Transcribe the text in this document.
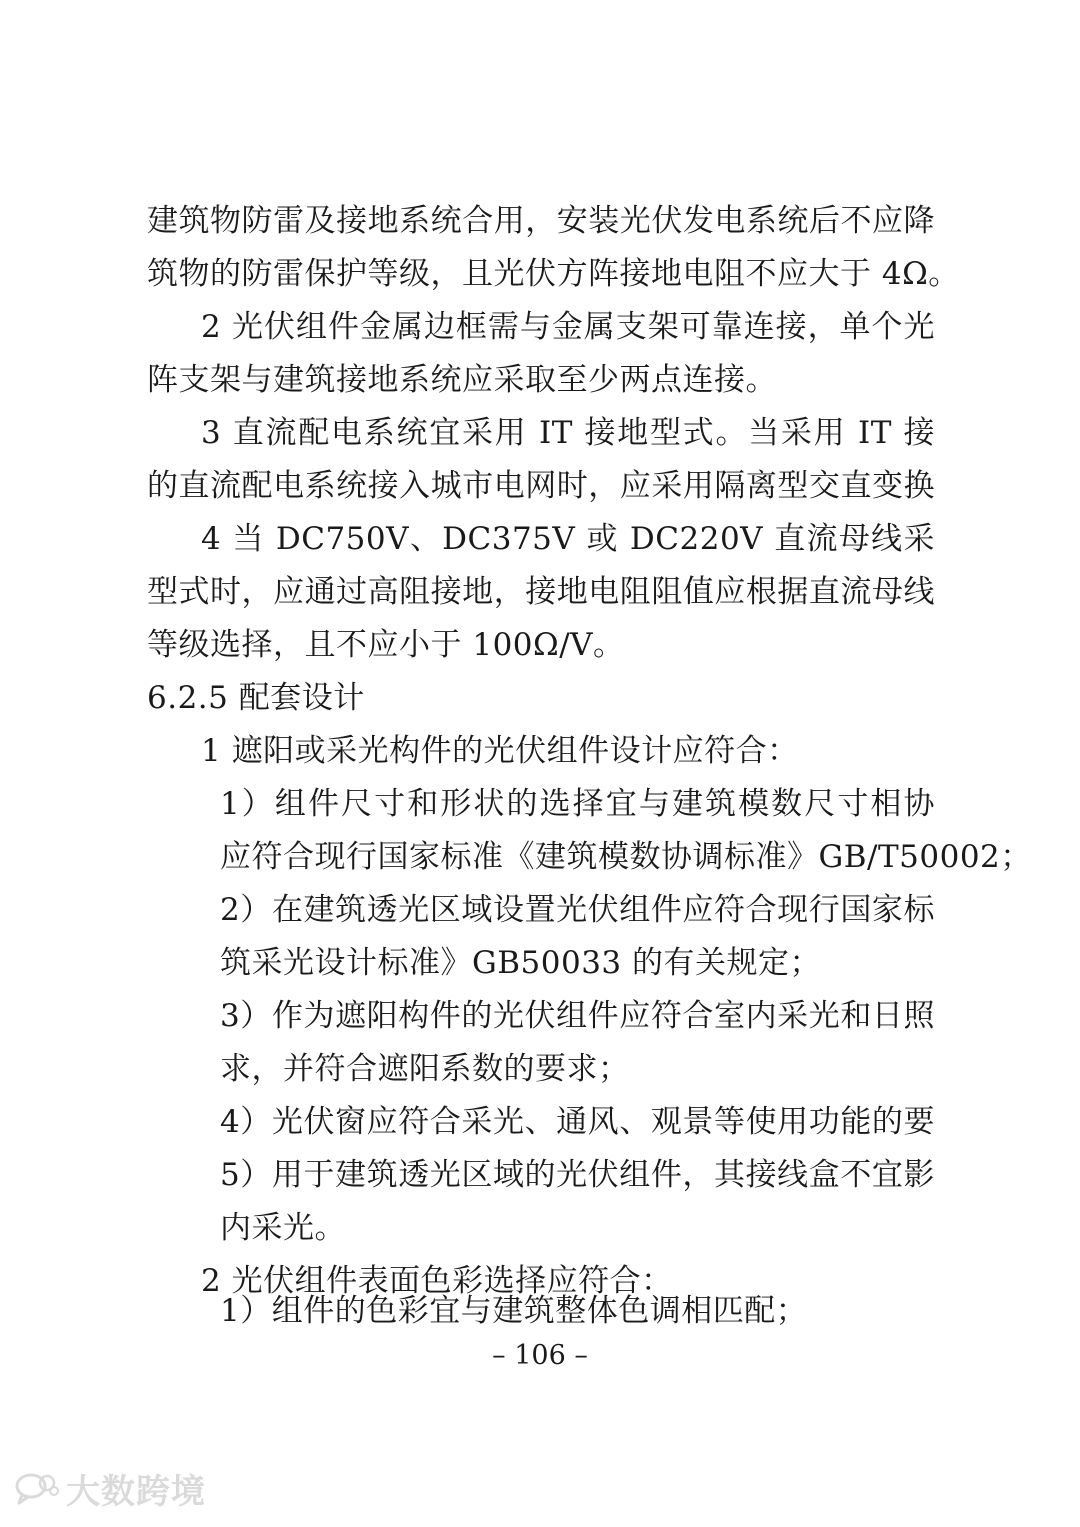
建筑物防雷及接地系统合用，安装光伏发电系统后不应降
筑物的防雷保护等级，且光伏方阵接地电阻不应大于 4Ω。
2 光伏组件金属边框需与金属支架可靠连接，单个光
阵支架与建筑接地系统应采取至少两点连接。
3 直流配电系统宜采用 IT 接地型式。当采用 IT 接
的直流配电系统接入城市电网时，应采用隔离型交直变换
4 当 DC750V、DC375V 或 DC220V 直流母线采
型式时，应通过高阻接地，接地电阻阻值应根据直流母线
等级选择，且不应小于 100Ω/V。
6.2.5 配套设计
1 遮阳或采光构件的光伏组件设计应符合：
1）组件尺寸和形状的选择宜与建筑模数尺寸相协
应符合现行国家标准《建筑模数协调标准》GB/T50002；
2）在建筑透光区域设置光伏组件应符合现行国家标
筑采光设计标准》GB50033 的有关规定；
3）作为遮阳构件的光伏组件应符合室内采光和日照
求，并符合遮阳系数的要求；
4）光伏窗应符合采光、通风、观景等使用功能的要
5）用于建筑透光区域的光伏组件，其接线盒不宜影
内采光。
2 光伏组件表面色彩选择应符合：
1）组件的色彩宜与建筑整体色调相匹配；
– 106 –
大数跨境
